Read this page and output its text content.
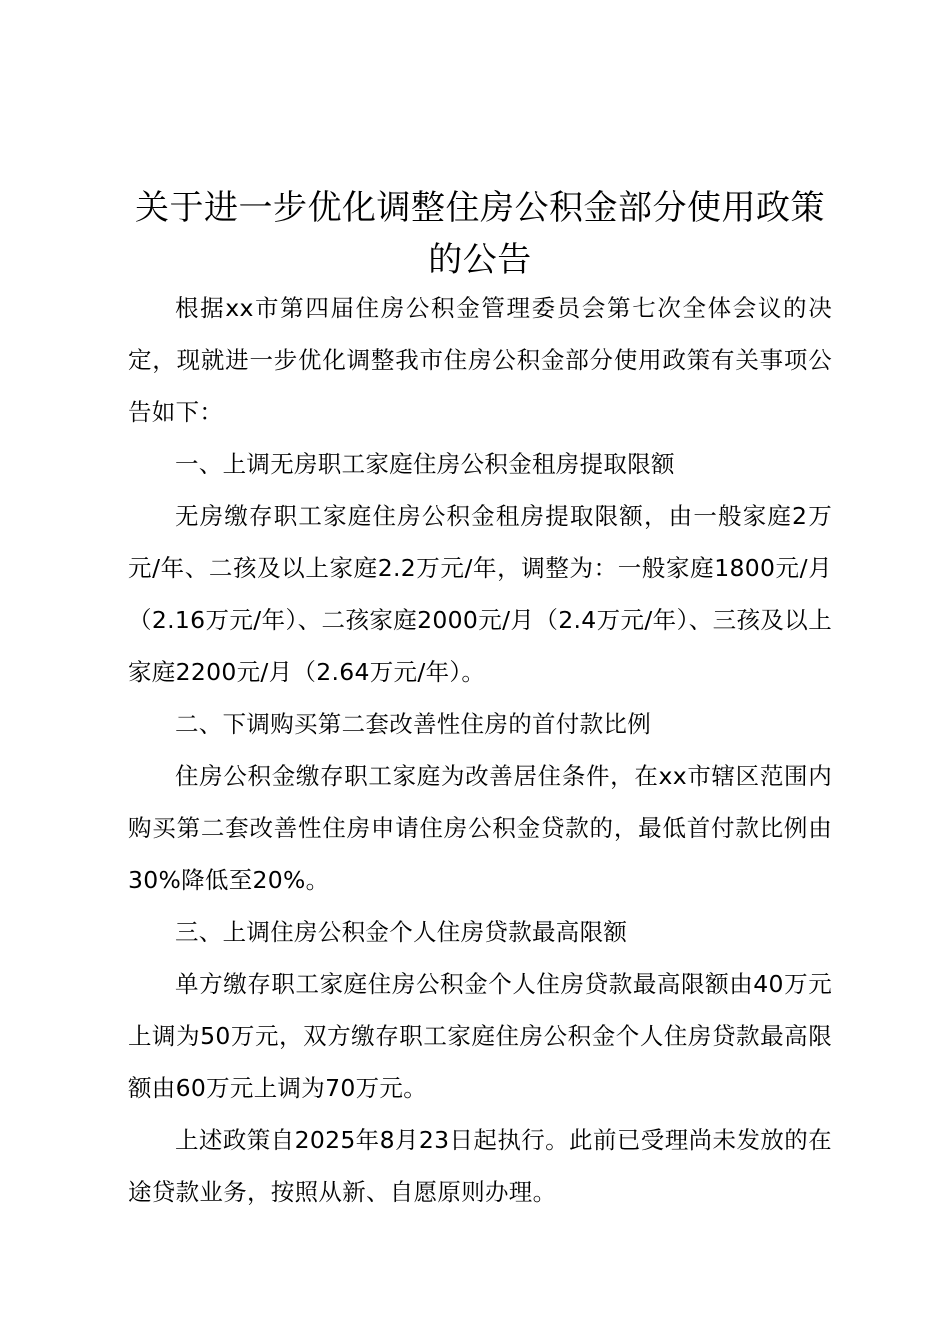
关于进一步优化调整住房公积金部分使用政策的公告

根据xx市第四届住房公积金管理委员会第七次全体会议的决定，现就进一步优化调整我市住房公积金部分使用政策有关事项公告如下：

一、上调无房职工家庭住房公积金租房提取限额

无房缴存职工家庭住房公积金租房提取限额，由一般家庭2万元/年、二孩及以上家庭2.2万元/年，调整为：一般家庭1800元/月（2.16万元/年）、二孩家庭2000元/月（2.4万元/年）、三孩及以上家庭2200元/月（2.64万元/年）。

二、下调购买第二套改善性住房的首付款比例

住房公积金缴存职工家庭为改善居住条件，在xx市辖区范围内购买第二套改善性住房申请住房公积金贷款的，最低首付款比例由30%降低至20%。

三、上调住房公积金个人住房贷款最高限额

单方缴存职工家庭住房公积金个人住房贷款最高限额由40万元上调为50万元，双方缴存职工家庭住房公积金个人住房贷款最高限额由60万元上调为70万元。

上述政策自2025年8月23日起执行。此前已受理尚未发放的在途贷款业务，按照从新、自愿原则办理。
